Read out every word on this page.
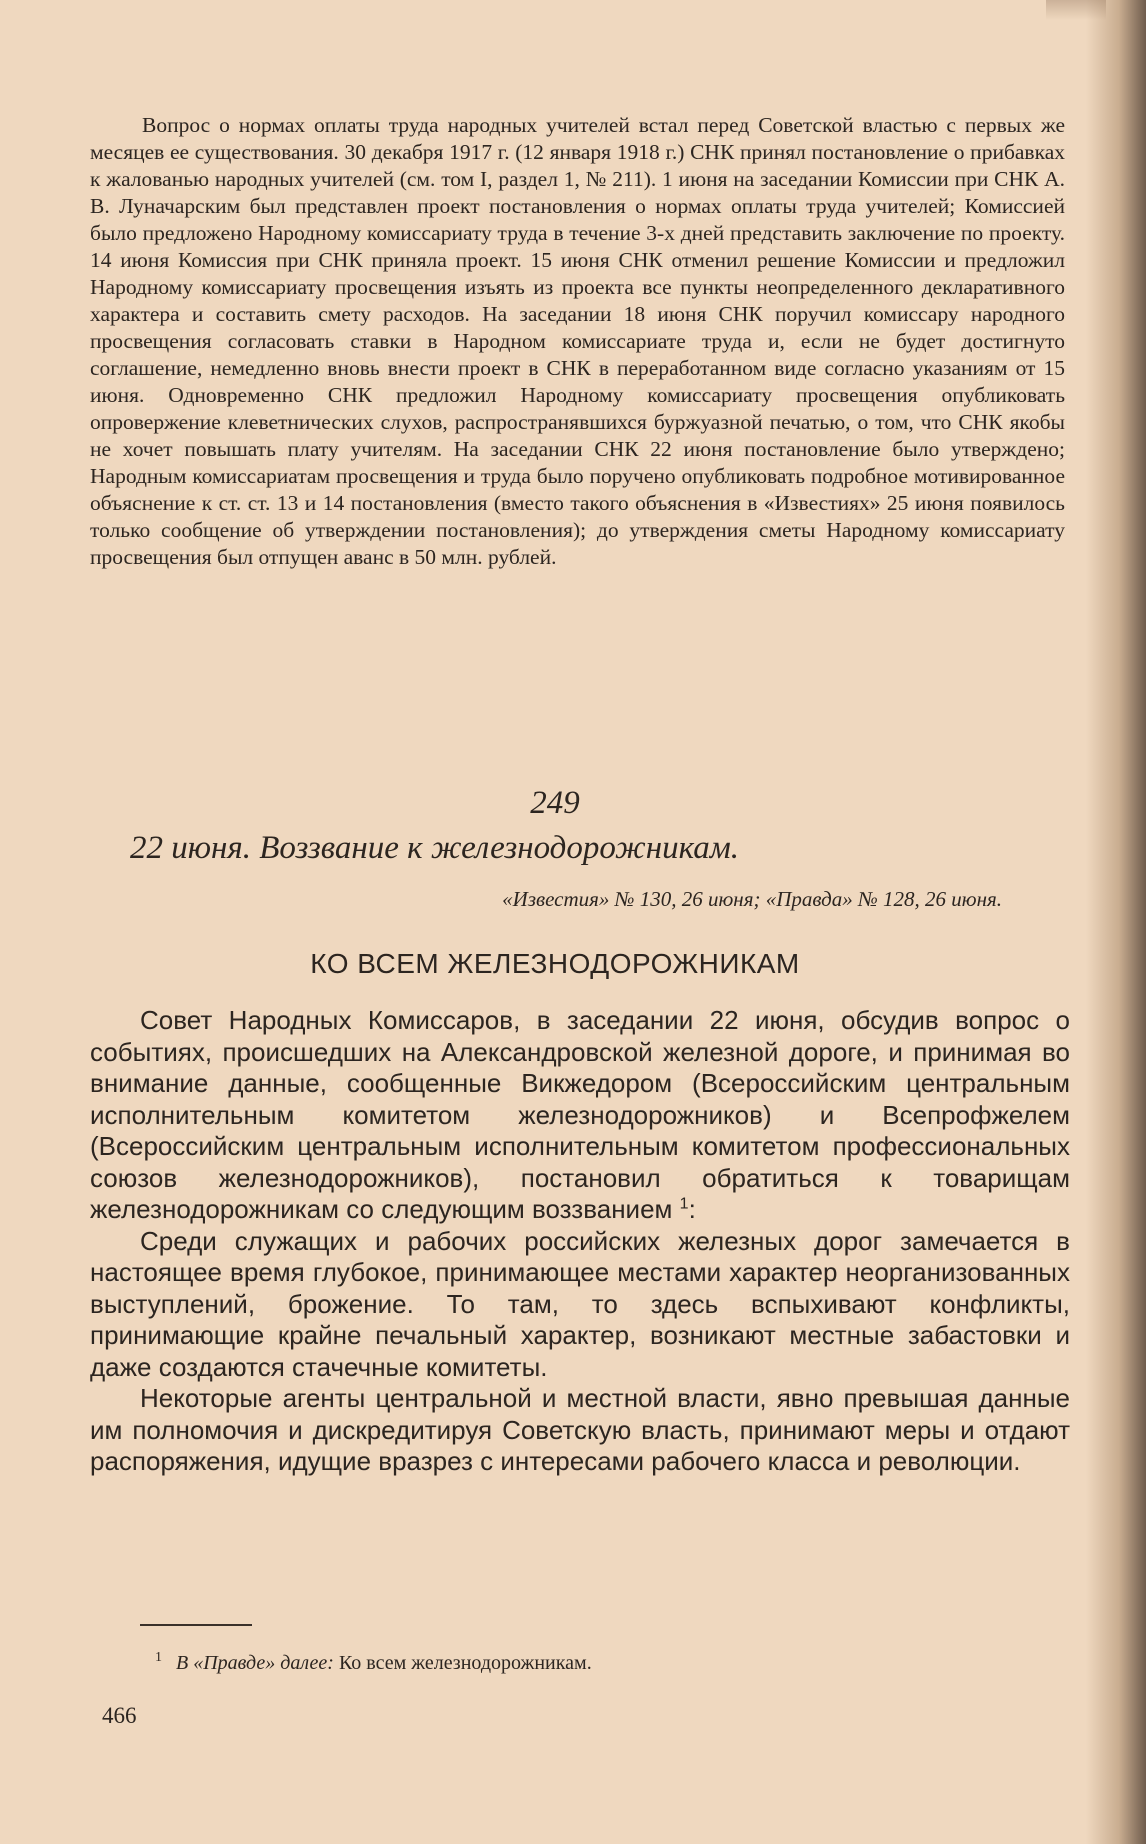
Вопрос о нормах оплаты труда народных учителей встал перед Советской властью с первых же месяцев ее существования. 30 декабря 1917 г. (12 января 1918 г.) СНК принял постановление о прибавках к жалованью народных учителей (см. том I, раздел 1, № 211). 1 июня на заседании Комиссии при СНК А. В. Луначарским был представлен проект постановления о нормах оплаты труда учителей; Комиссией было предложено Народному комиссариату труда в течение 3-х дней представить заключение по проекту. 14 июня Комиссия при СНК приняла проект. 15 июня СНК отменил решение Комиссии и предложил Народному комиссариату просвещения изъять из проекта все пункты неопределенного декларативного характера и составить смету расходов. На заседании 18 июня СНК поручил комиссару народного просвещения согласовать ставки в Народном комиссариате труда и, если не будет достигнуто соглашение, немедленно вновь внести проект в СНК в переработанном виде согласно указаниям от 15 июня. Одновременно СНК предложил Народному комиссариату просвещения опубликовать опровержение клеветнических слухов, распространявшихся буржуазной печатью, о том, что СНК якобы не хочет повышать плату учителям. На заседании СНК 22 июня постановление было утверждено; Народным комиссариатам просвещения и труда было поручено опубликовать подробное мотивированное объяснение к ст. ст. 13 и 14 постановления (вместо такого объяснения в «Известиях» 25 июня появилось только сообщение об утверждении постановления); до утверждения сметы Народному комиссариату просвещения был отпущен аванс в 50 млн. рублей.

249

22 июня. Воззвание к железнодорожникам.

«Известия» № 130, 26 июня; «Правда» № 128, 26 июня.

КО ВСЕМ ЖЕЛЕЗНОДОРОЖНИКАМ

Совет Народных Комиссаров, в заседании 22 июня, обсудив вопрос о событиях, происшедших на Александровской железной дороге, и принимая во внимание данные, сообщенные Викжедором (Всероссийским центральным исполнительным комитетом железнодорожников) и Всепрофжелем (Всероссийским центральным исполнительным комитетом профессиональных союзов железнодорожников), постановил обратиться к товарищам железнодорожникам со следующим воззванием $^1$:

Среди служащих и рабочих российских железных дорог замечается в настоящее время глубокое, принимающее местами характер неорганизованных выступлений, брожение. То там, то здесь вспыхивают конфликты, принимающие крайне печальный характер, возникают местные забастовки и даже создаются стачечные комитеты.

Некоторые агенты центральной и местной власти, явно превышая данные им полномочия и дискредитируя Советскую власть, принимают меры и отдают распоряжения, идущие вразрез с интересами рабочего класса и революции.

$^1$ В «Правде» далее: Ко всем железнодорожникам.

466
